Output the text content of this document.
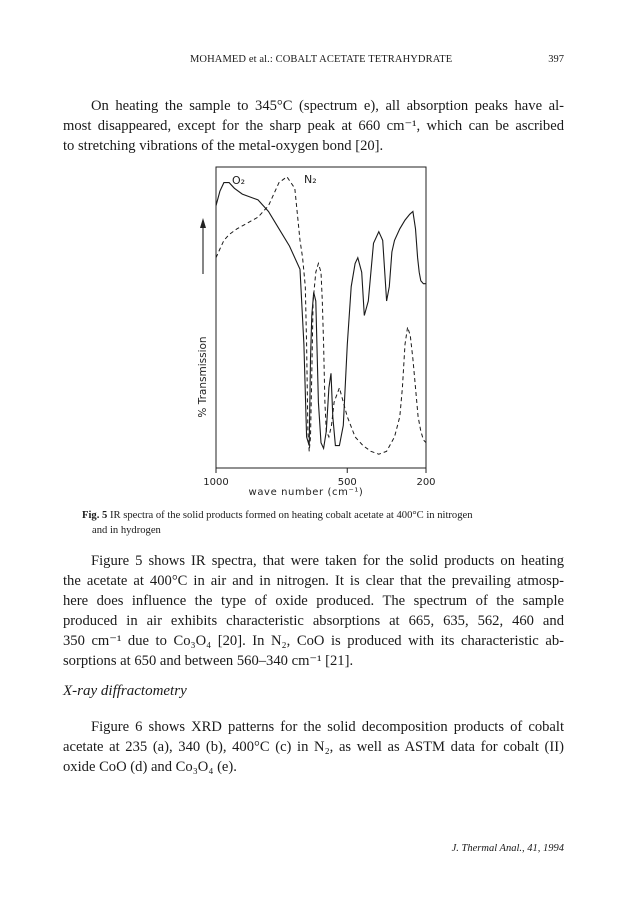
MOHAMED et al.: COBALT ACETATE TETRAHYDRATE	397
On heating the sample to 345°C (spectrum e), all absorption peaks have al-
most disappeared, except for the sharp peak at 660 cm⁻¹, which can be ascribed
to stretching vibrations of the metal-oxygen bond [20].
% Transmission
1000	500	200
O₂	N₂
wave number (cm⁻¹)
Fig. 5 IR spectra of the solid products formed on heating cobalt acetate at 400°C in nitrogen
and in hydrogen
Figure 5 shows IR spectra, that were taken for the solid products on heating
the acetate at 400°C in air and in nitrogen. It is clear that the prevailing atmosp-
here does influence the type of oxide produced. The spectrum of the sample
produced in air exhibits characteristic absorptions at 665, 635, 562, 460 and
350 cm⁻¹ due to Co₃O₄ [20]. In N₂, CoO is produced with its characteristic ab-
sorptions at 650 and between 560–340 cm⁻¹ [21].
X-ray diffractometry
Figure 6 shows XRD patterns for the solid decomposition products of cobalt
acetate at 235 (a), 340 (b), 400°C (c) in N₂, as well as ASTM data for cobalt (II)
oxide CoO (d) and Co₃O₄ (e).
J. Thermal Anal., 41, 1994
